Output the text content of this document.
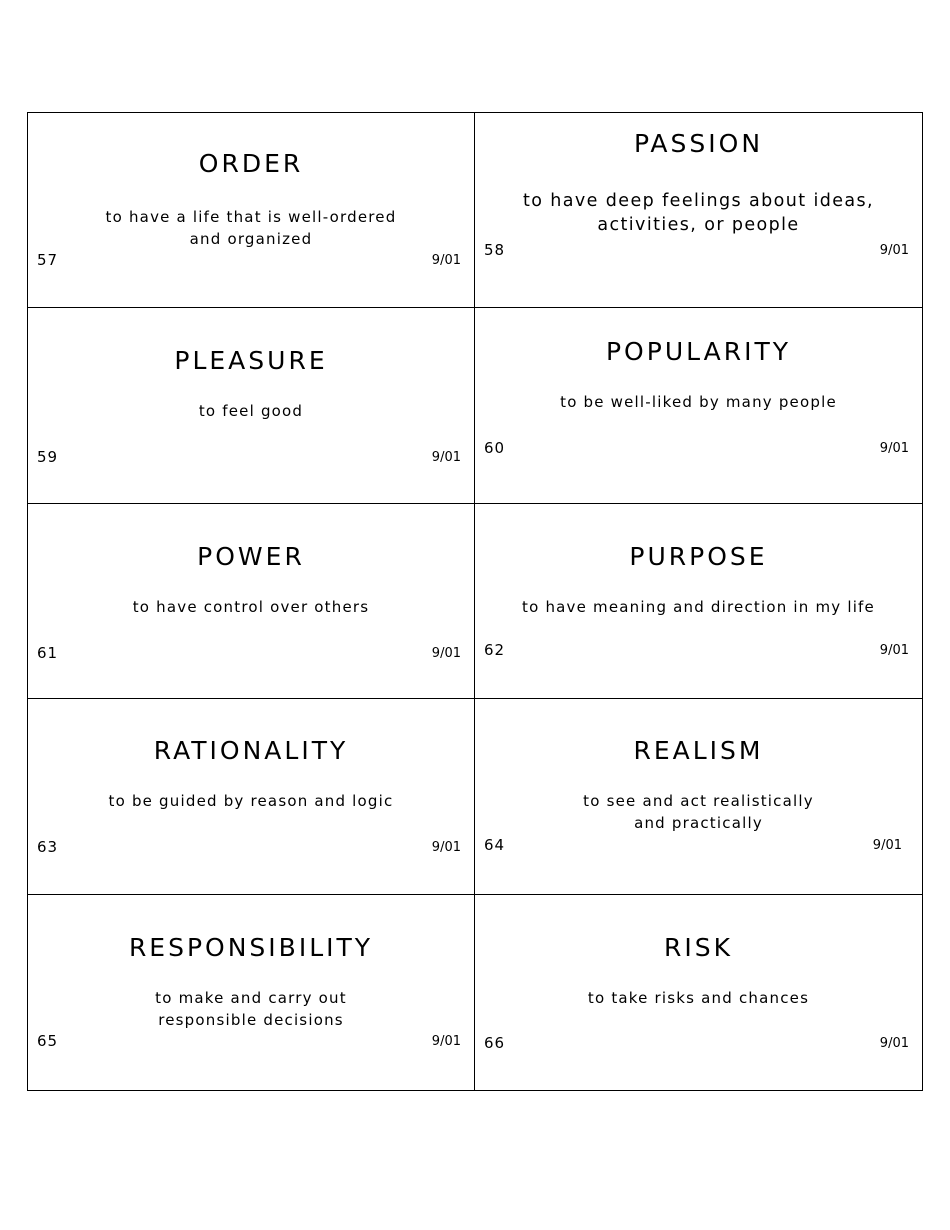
ORDER
to have a life that is well-ordered
and organized
57	9/01
PASSION
to have deep feelings about ideas,
activities, or people
58	9/01
PLEASURE
to feel good
59	9/01
POPULARITY
to be well-liked by many people
60	9/01
POWER
to have control over others
61	9/01
PURPOSE
to have meaning and direction in my life
62	9/01
RATIONALITY
to be guided by reason and logic
63	9/01
REALISM
to see and act realistically
and practically
64	9/01
RESPONSIBILITY
to make and carry out
responsible decisions
65	9/01
RISK
to take risks and chances
66	9/01
